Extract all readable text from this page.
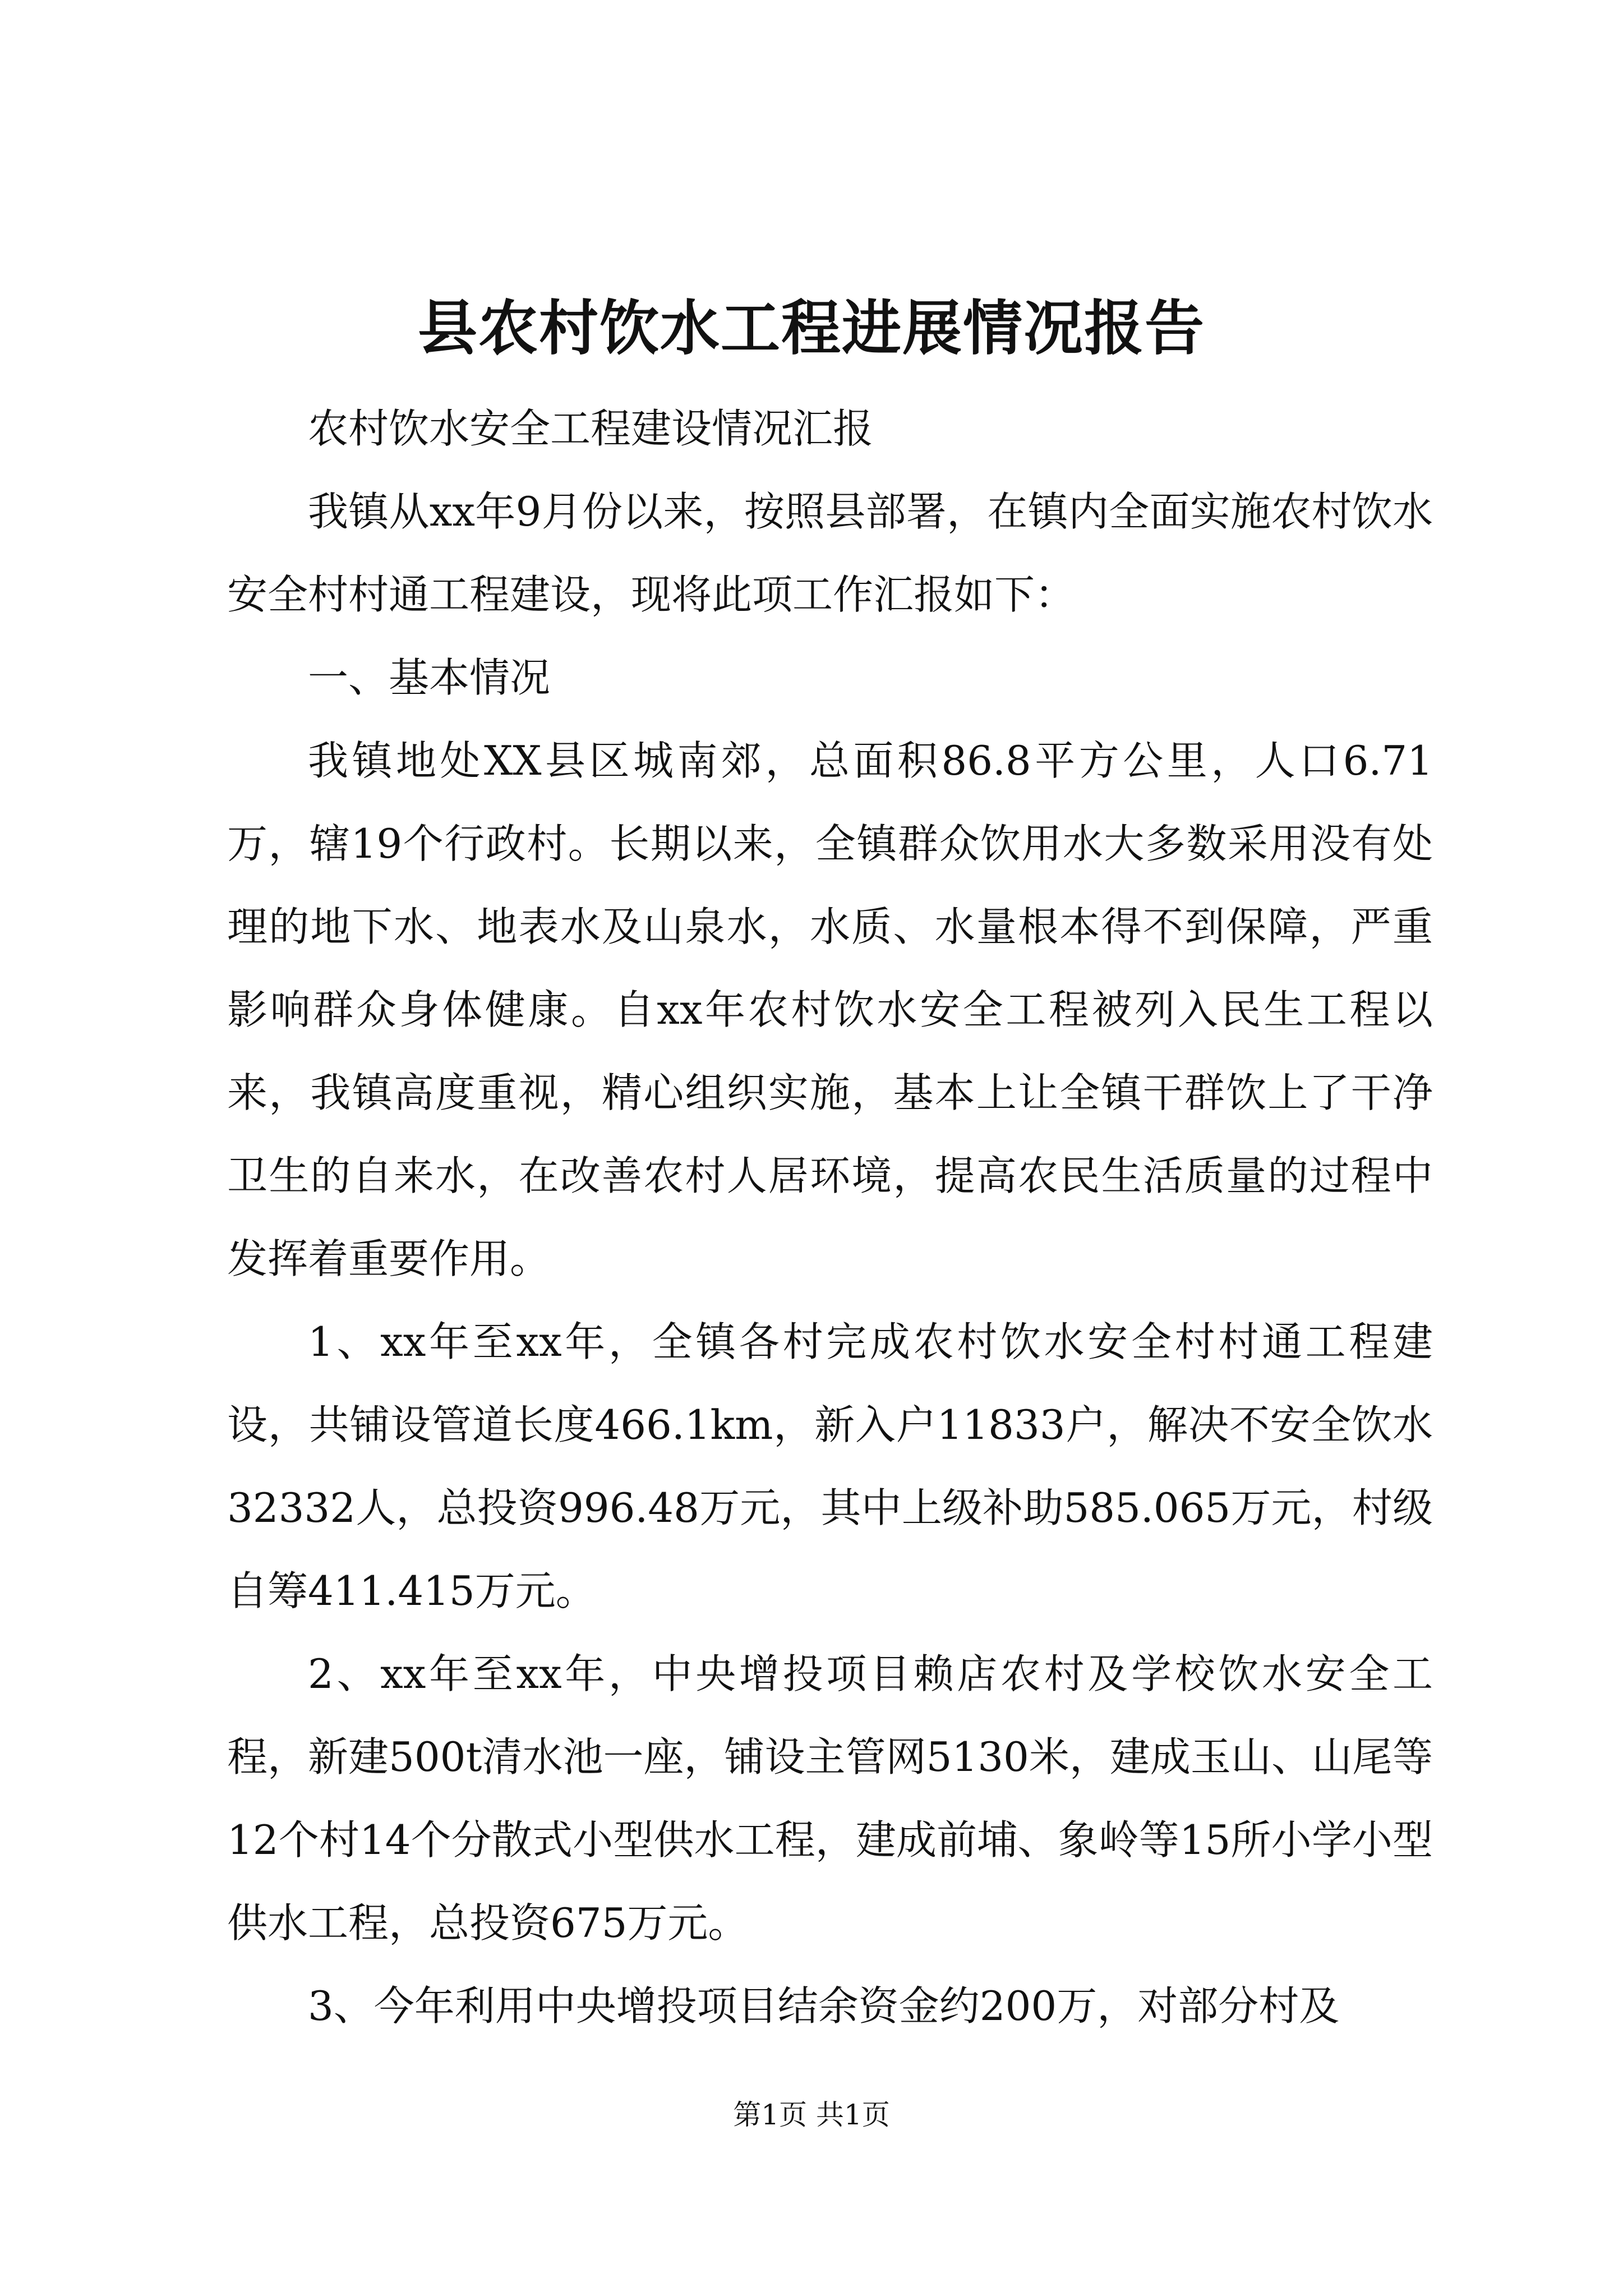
县农村饮水工程进展情况报告

农村饮水安全工程建设情况汇报

我镇从xx年9月份以来，按照县部署，在镇内全面实施农村饮水安全村村通工程建设，现将此项工作汇报如下：

一、基本情况

我镇地处XX县区城南郊，总面积86.8平方公里，人口6.71万，辖19个行政村。长期以来，全镇群众饮用水大多数采用没有处理的地下水、地表水及山泉水，水质、水量根本得不到保障，严重影响群众身体健康。自xx年农村饮水安全工程被列入民生工程以来，我镇高度重视，精心组织实施，基本上让全镇干群饮上了干净卫生的自来水，在改善农村人居环境，提高农民生活质量的过程中发挥着重要作用。

1、xx年至xx年，全镇各村完成农村饮水安全村村通工程建设，共铺设管道长度466.1km，新入户11833户，解决不安全饮水32332人，总投资996.48万元，其中上级补助585.065万元，村级自筹411.415万元。

2、xx年至xx年，中央增投项目赖店农村及学校饮水安全工程，新建500t清水池一座，铺设主管网5130米，建成玉山、山尾等12个村14个分散式小型供水工程，建成前埔、象岭等15所小学小型供水工程，总投资675万元。

3、今年利用中央增投项目结余资金约200万，对部分村及

第1页 共1页
